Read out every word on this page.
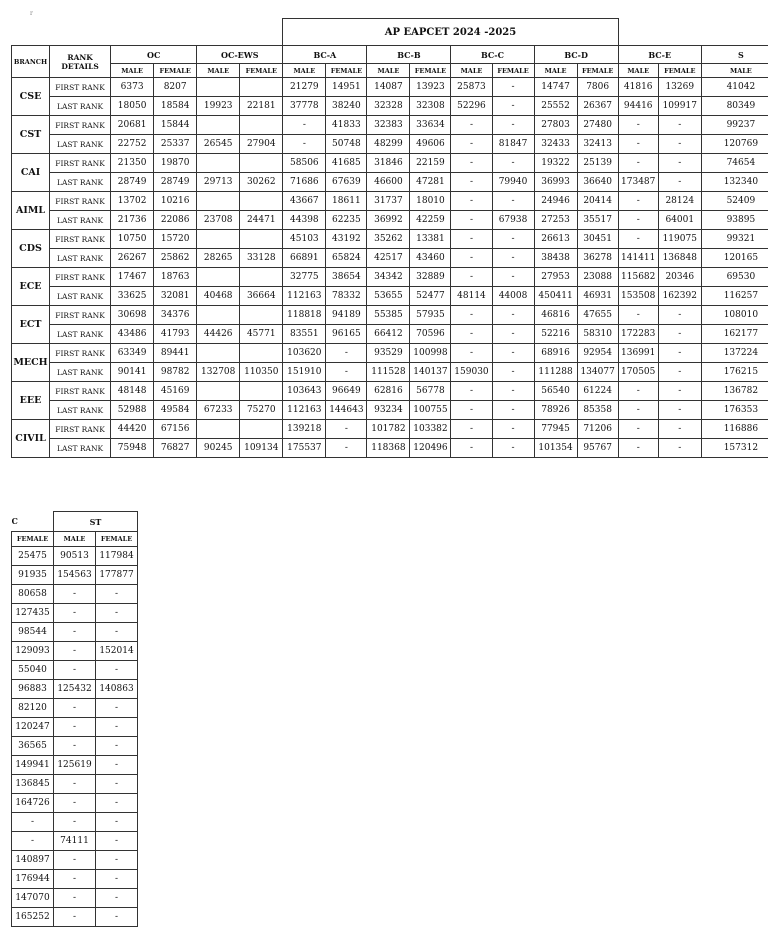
r
						AP EAPCET 2024 -2025										
BRANCH	RANK DETAILS	OC		OC-EWS		BC-A		BC-B		BC-C		BC-D		BC-E		S
		MALE	FEMALE	MALE	FEMALE	MALE	FEMALE	MALE	FEMALE	MALE	FEMALE	MALE	FEMALE	MALE	FEMALE	MALE
CSE	FIRST RANK	6373	8207			21279	14951	14087	13923	25873	-	14747	7806	41816	13269	41042
	LAST RANK	18050	18584	19923	22181	37778	38240	32328	32308	52296	-	25552	26367	94416	109917	80349
CST	FIRST RANK	20681	15844			-	41833	32383	33634	-	-	27803	27480	-	-	99237
	LAST RANK	22752	25337	26545	27904	-	50748	48299	49606	-	81847	32433	32413	-	-	120769
CAI	FIRST RANK	21350	19870			58506	41685	31846	22159	-	-	19322	25139	-	-	74654
	LAST RANK	28749	28749	29713	30262	71686	67639	46600	47281	-	79940	36993	36640	173487	-	132340
AIML	FIRST RANK	13702	10216			43667	18611	31737	18010	-	-	24946	20414	-	28124	52409
	LAST RANK	21736	22086	23708	24471	44398	62235	36992	42259	-	67938	27253	35517	-	64001	93895
CDS	FIRST RANK	10750	15720			45103	43192	35262	13381	-	-	26613	30451	-	119075	99321
	LAST RANK	26267	25862	28265	33128	66891	65824	42517	43460	-	-	38438	36278	141411	136848	120165
ECE	FIRST RANK	17467	18763			32775	38654	34342	32889	-	-	27953	23088	115682	20346	69530
	LAST RANK	33625	32081	40468	36664	112163	78332	53655	52477	48114	44008	450411	46931	153508	162392	116257
ECT	FIRST RANK	30698	34376			118818	94189	55385	57935	-	-	46816	47655	-	-	108010
	LAST RANK	43486	41793	44426	45771	83551	96165	66412	70596	-	-	52216	58310	172283	-	162177
MECH	FIRST RANK	63349	89441			103620	-	93529	100998	-	-	68916	92954	136991	-	137224
	LAST RANK	90141	98782	132708	110350	151910	-	111528	140137	159030	-	111288	134077	170505	-	176215
EEE	FIRST RANK	48148	45169			103643	96649	62816	56778	-	-	56540	61224	-	-	136782
	LAST RANK	52988	49584	67233	75270	112163	144643	93234	100755	-	-	78926	85358	-	-	176353
CIVIL	FIRST RANK	44420	67156			139218	-	101782	103382	-	-	77945	71206	-	-	116886
	LAST RANK	75948	76827	90245	109134	175537	-	118368	120496	-	-	101354	95767	-	-	157312
C	ST	
FEMALE	MALE	FEMALE
25475	90513	117984
91935	154563	177877
80658	-	-
127435	-	-
98544	-	-
129093	-	152014
55040	-	-
96883	125432	140863
82120	-	-
120247	-	-
36565	-	-
149941	125619	-
136845	-	-
164726	-	-
-	-	-
-	74111	-
140897	-	-
176944	-	-
147070	-	-
165252	-	-
